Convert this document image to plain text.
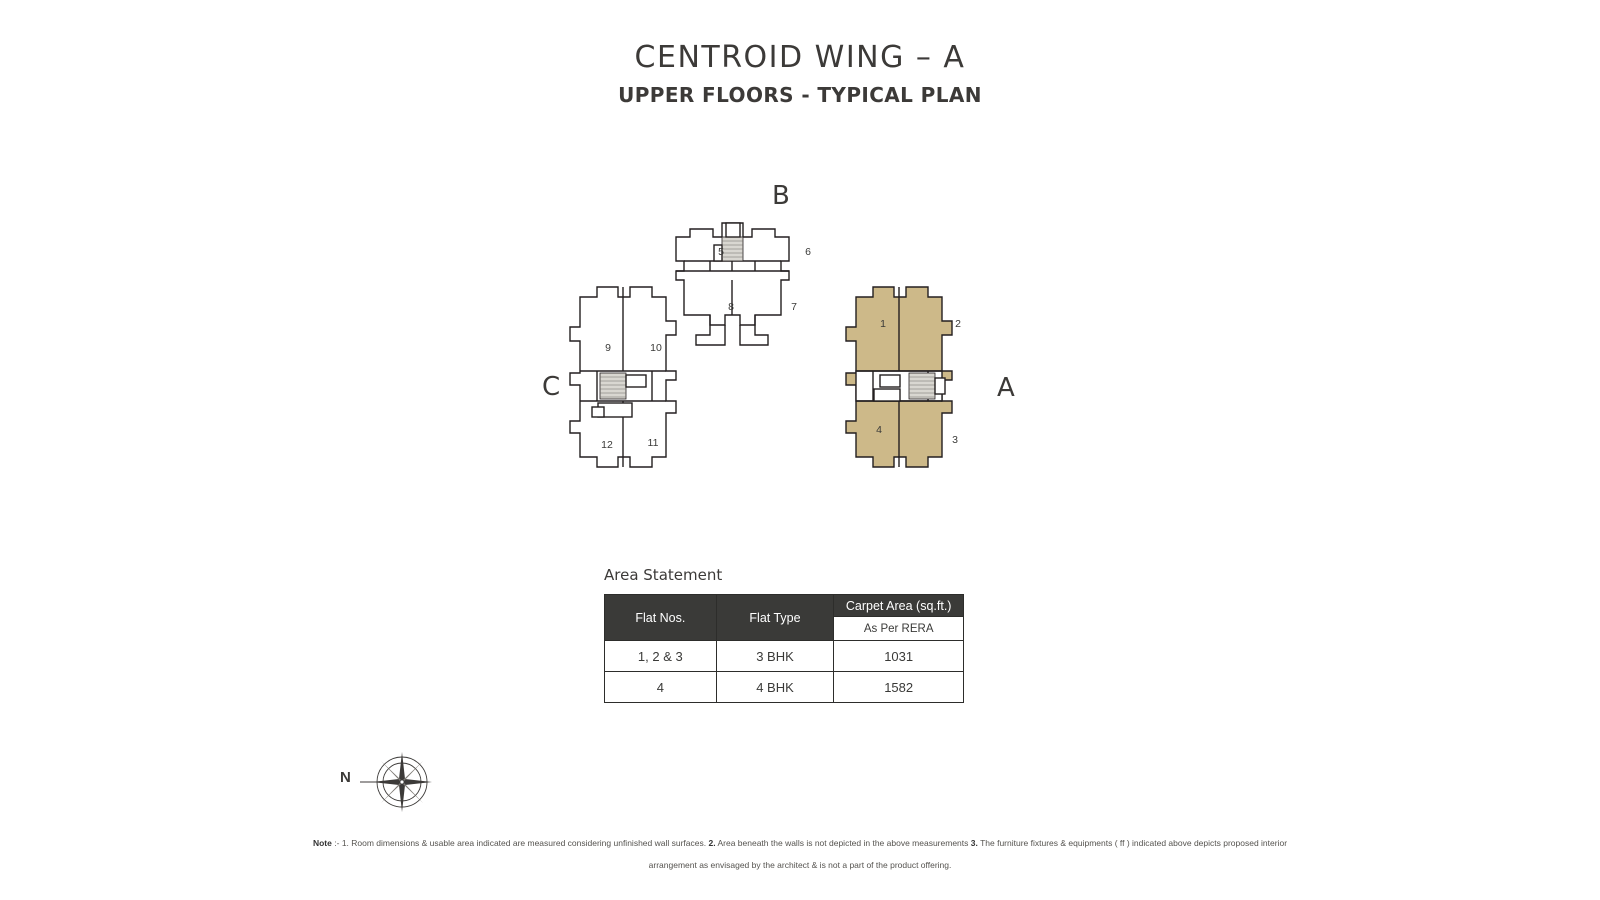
CENTROID WING – A
UPPER FLOORS - TYPICAL PLAN
B
C	A
1	2
3
4
5	6
7
8
9	10
11
12
Area Statement
Flat Nos.	Flat Type	Carpet Area (sq.ft.)
		As Per RERA
1, 2 & 3	3 BHK	1031
4	4 BHK	1582
N
Note :- 1. Room dimensions & usable area indicated are measured considering unfinished wall surfaces. 2. Area beneath the walls is not depicted in the above measurements 3. The furniture fixtures & equipments ( ff ) indicated above depicts proposed interior arrangement as envisaged by the architect & is not a part of the product offering.
